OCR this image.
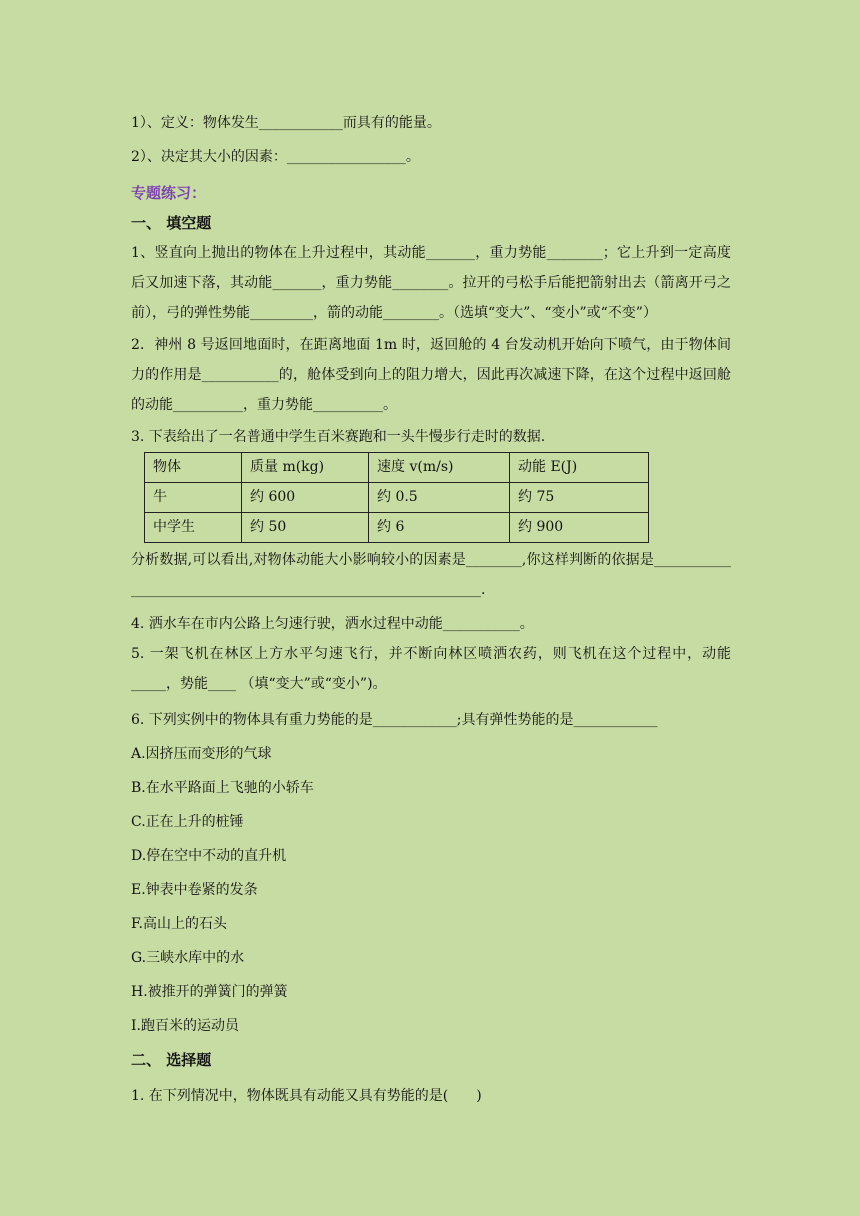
1）、定义：物体发生____________而具有的能量。
2）、决定其大小的因素：_________________。
专题练习：
一、 填空题
1、竖直向上抛出的物体在上升过程中，其动能_______，重力势能________；它上升到一定高度后又加速下落，其动能_______，重力势能________。拉开的弓松手后能把箭射出去（箭离开弓之前），弓的弹性势能_________，箭的动能________。（选填“变大”、“变小”或“不变”）
2．神州 8 号返回地面时，在距离地面 1m 时，返回舱的 4 台发动机开始向下喷气，由于物体间力的作用是___________的，舱体受到向上的阻力增大，因此再次减速下降，在这个过程中返回舱的动能__________，重力势能__________。
3. 下表给出了一名普通中学生百米赛跑和一头牛慢步行走时的数据.
物体	质量 m(kg)	速度 v(m/s)	动能 E(J)
牛	约 600	约 0.5	约 75
中学生	约 50	约 6	约 900
分析数据,可以看出,对物体动能大小影响较小的因素是________,你这样判断的依据是_____________________________________________________________.
4. 洒水车在市内公路上匀速行驶，洒水过程中动能___________。
5. 一架飞机在林区上方水平匀速飞行，并不断向林区喷洒农药，则飞机在这个过程中，动能_____，势能____ （填“变大”或“变小”)。
6. 下列实例中的物体具有重力势能的是____________;具有弹性势能的是____________
A.因挤压而变形的气球
B.在水平路面上飞驰的小轿车
C.正在上升的桩锤
D.停在空中不动的直升机
E.钟表中卷紧的发条
F.高山上的石头
G.三峡水库中的水
H.被推开的弹簧门的弹簧
I.跑百米的运动员
二、 选择题
1. 在下列情况中，物体既具有动能又具有势能的是(　　)
